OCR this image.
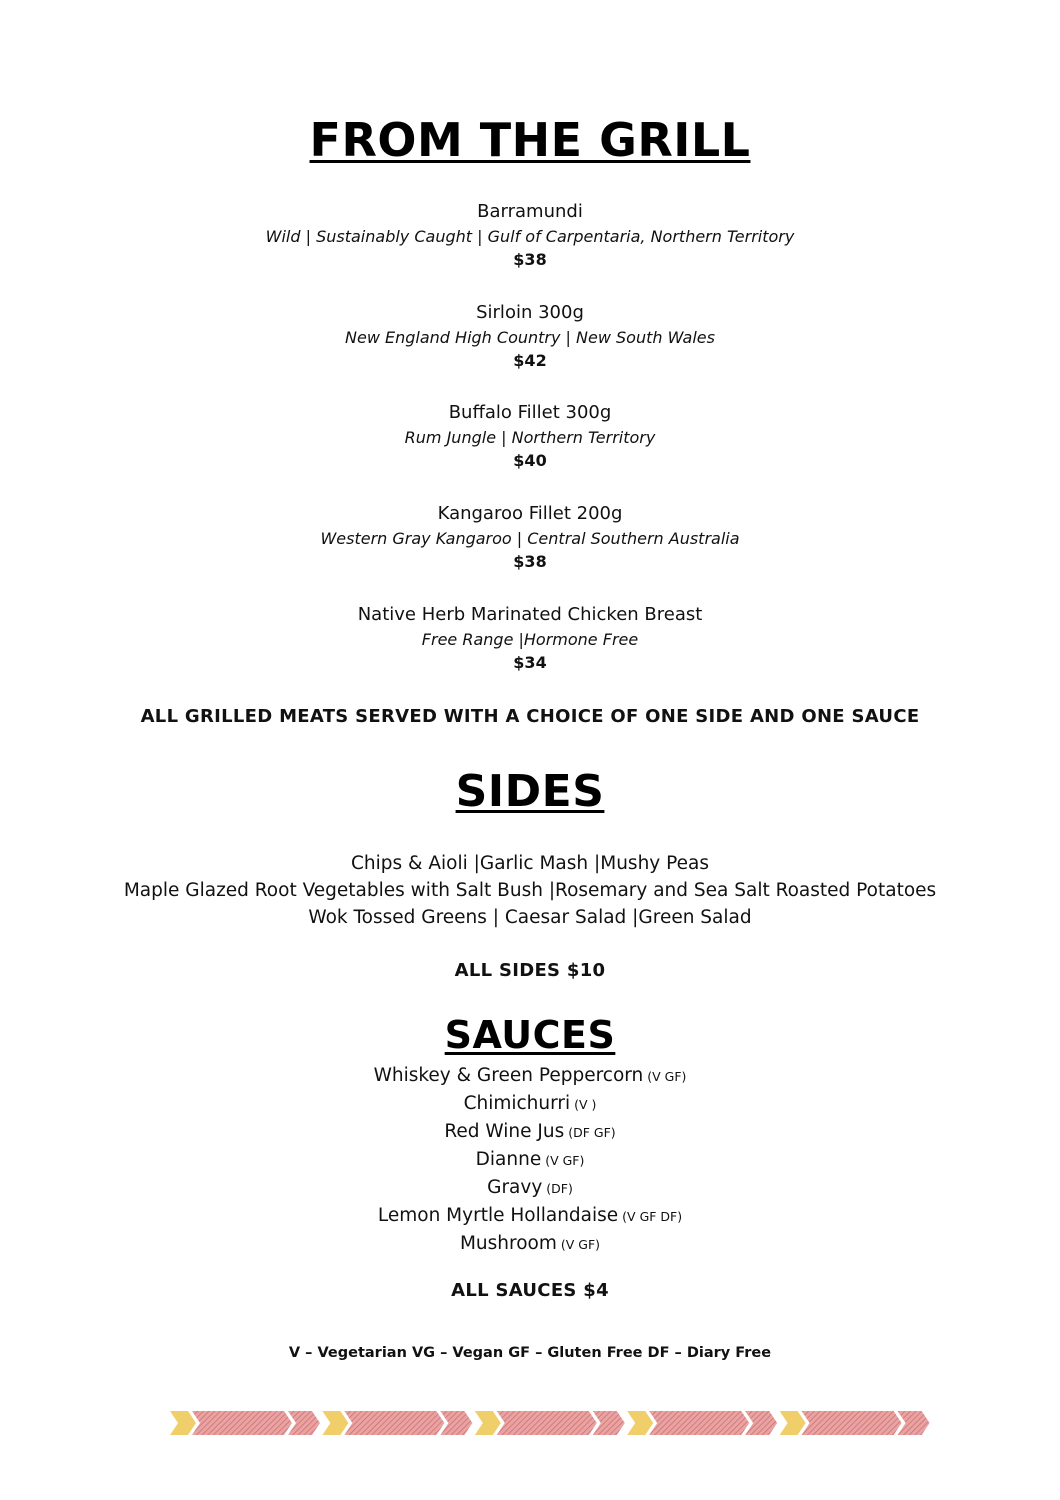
FROM THE GRILL
Barramundi
Wild | Sustainably Caught | Gulf of Carpentaria, Northern Territory
$38
Sirloin 300g
New England High Country | New South Wales
$42
Buffalo Fillet 300g
Rum Jungle | Northern Territory
$40
Kangaroo Fillet 200g
Western Gray Kangaroo | Central Southern Australia
$38
Native Herb Marinated Chicken Breast
Free Range |Hormone Free
$34
ALL GRILLED MEATS SERVED WITH A CHOICE OF ONE SIDE AND ONE SAUCE
SIDES
Chips & Aioli |Garlic Mash |Mushy Peas
Maple Glazed Root Vegetables with Salt Bush |Rosemary and Sea Salt Roasted Potatoes
Wok Tossed Greens | Caesar Salad |Green Salad
ALL SIDES $10
SAUCES
Whiskey & Green Peppercorn (V GF)
Chimichurri (V )
Red Wine Jus (DF GF)
Dianne (V GF)
Gravy (DF)
Lemon Myrtle Hollandaise (V GF DF)
Mushroom (V GF)
ALL SAUCES $4
V – Vegetarian VG – Vegan GF – Gluten Free DF – Diary Free
